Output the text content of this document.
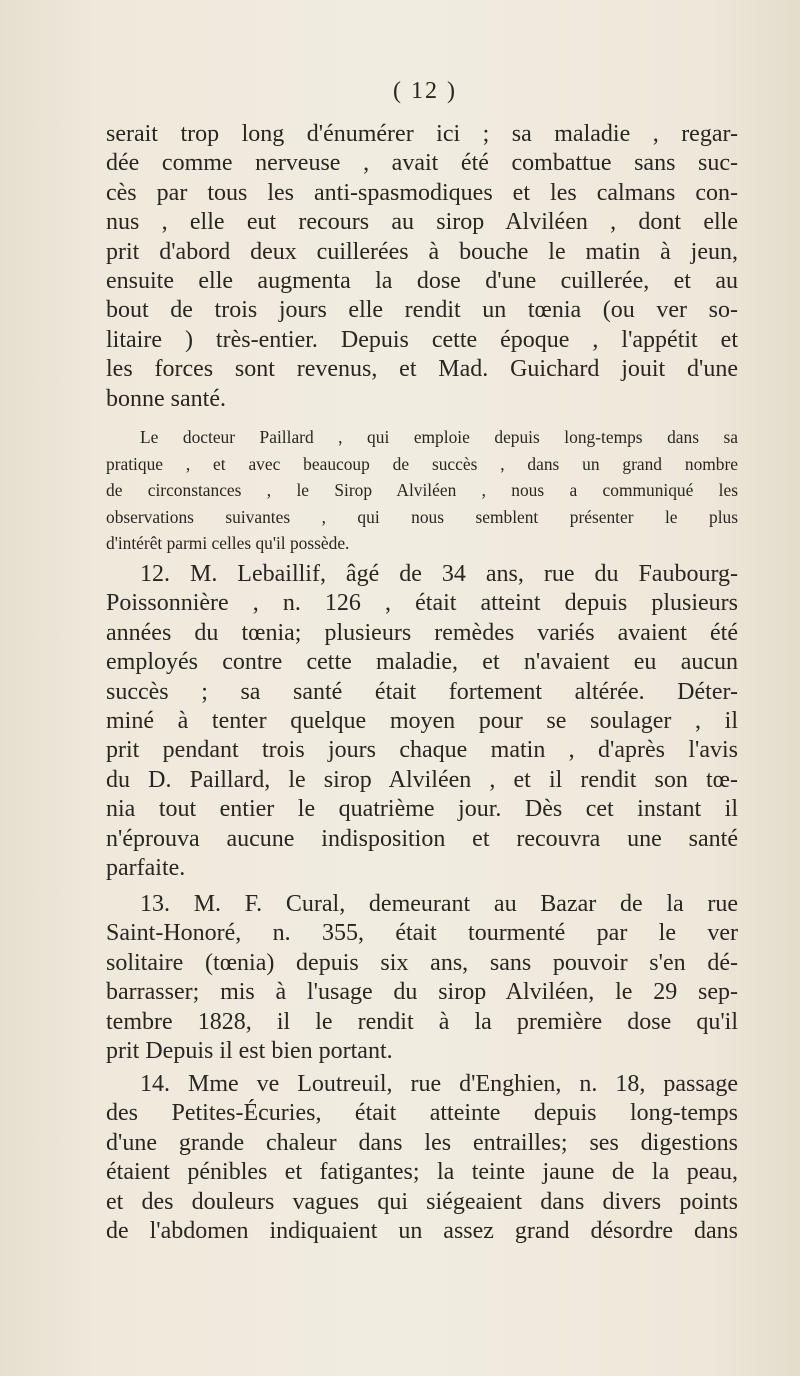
( 12 )
serait trop long d'énumérer ici ; sa maladie , regar-
dée comme nerveuse , avait été combattue sans suc-
cès par tous les anti-spasmodiques et les calmans con-
nus , elle eut recours au sirop Alviléen , dont elle
prit d'abord deux cuillerées à bouche le matin à jeun,
ensuite elle augmenta la dose d'une cuillerée, et au
bout de trois jours elle rendit un tœnia (ou ver so-
litaire ) très-entier. Depuis cette époque , l'appétit et
les forces sont revenus, et Mad. Guichard jouit d'une
bonne santé.
Le docteur Paillard , qui emploie depuis long-temps dans sa
pratique , et avec beaucoup de succès , dans un grand nombre
de circonstances , le Sirop Alviléen , nous a communiqué les
observations suivantes , qui nous semblent présenter le plus
d'intérêt parmi celles qu'il possède.
12. M. Lebaillif, âgé de 34 ans, rue du Faubourg-
Poissonnière , n. 126 , était atteint depuis plusieurs
années du tœnia; plusieurs remèdes variés avaient été
employés contre cette maladie, et n'avaient eu aucun
succès ; sa santé était fortement altérée. Déter-
miné à tenter quelque moyen pour se soulager , il
prit pendant trois jours chaque matin , d'après l'avis
du D. Paillard, le sirop Alviléen , et il rendit son tœ-
nia tout entier le quatrième jour. Dès cet instant il
n'éprouva aucune indisposition et recouvra une santé
parfaite.
13. M. F. Cural, demeurant au Bazar de la rue
Saint-Honoré, n. 355, était tourmenté par le ver
solitaire (tœnia) depuis six ans, sans pouvoir s'en dé-
barrasser; mis à l'usage du sirop Alviléen, le 29 sep-
tembre 1828, il le rendit à la première dose qu'il
prit Depuis il est bien portant.
14. Mme ve Loutreuil, rue d'Enghien, n. 18, passage
des Petites-Écuries, était atteinte depuis long-temps
d'une grande chaleur dans les entrailles; ses digestions
étaient pénibles et fatigantes; la teinte jaune de la peau,
et des douleurs vagues qui siégeaient dans divers points
de l'abdomen indiquaient un assez grand désordre dans
